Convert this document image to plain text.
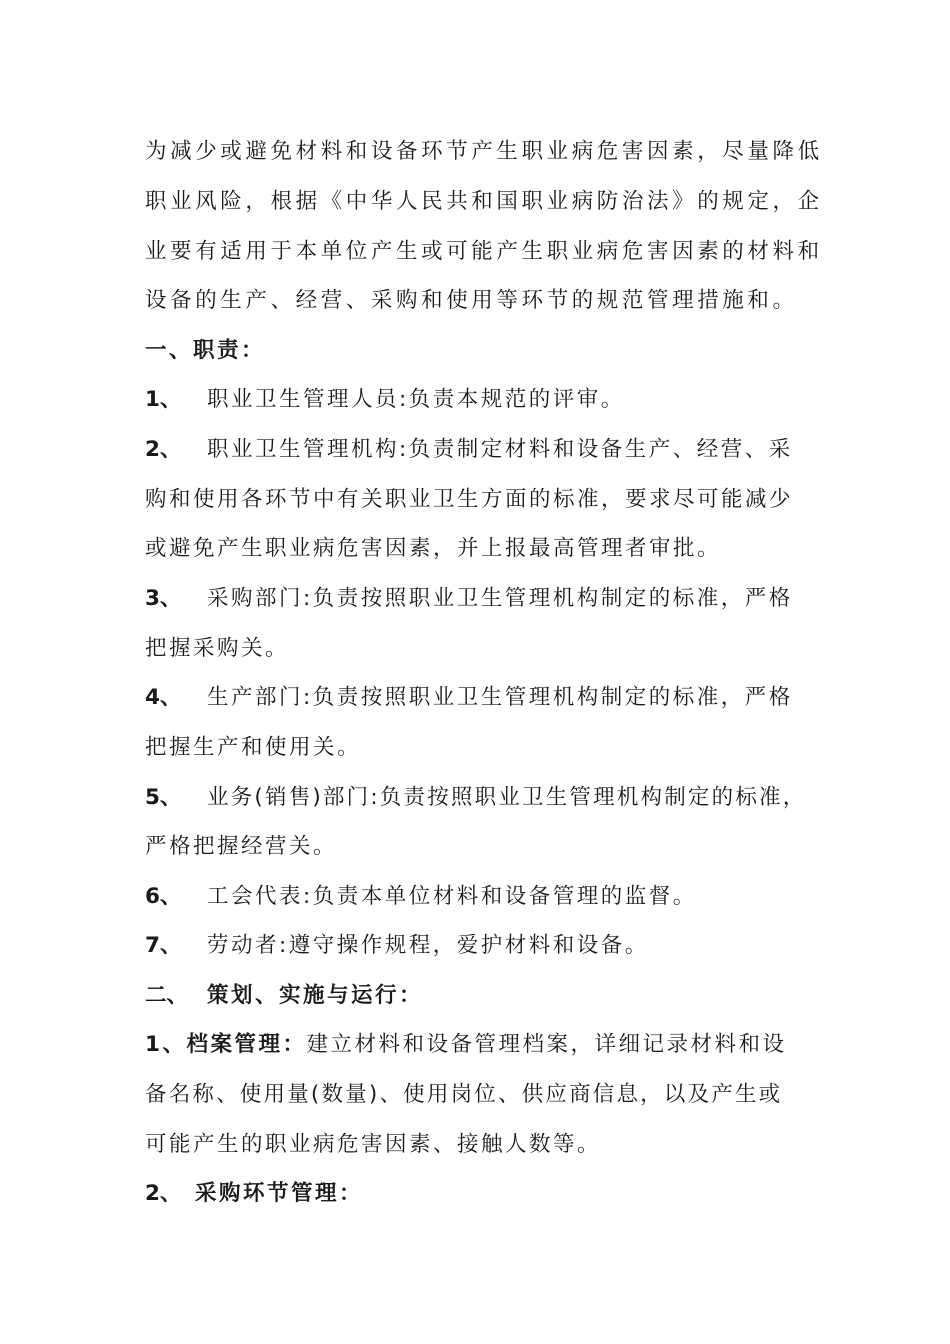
为减少或避免材料和设备环节产生职业病危害因素，尽量降低
职业风险，根据《中华人民共和国职业病防治法》的规定，企
业要有适用于本单位产生或可能产生职业病危害因素的材料和
设备的生产、经营、采购和使用等环节的规范管理措施和。
一、职责：
1、 职业卫生管理人员:负责本规范的评审。
2、 职业卫生管理机构:负责制定材料和设备生产、经营、采
购和使用各环节中有关职业卫生方面的标准，要求尽可能减少
或避免产生职业病危害因素，并上报最高管理者审批。
3、 采购部门:负责按照职业卫生管理机构制定的标准，严格
把握采购关。
4、 生产部门:负责按照职业卫生管理机构制定的标准，严格
把握生产和使用关。
5、 业务(销售)部门:负责按照职业卫生管理机构制定的标准，
严格把握经营关。
6、 工会代表:负责本单位材料和设备管理的监督。
7、 劳动者:遵守操作规程，爱护材料和设备。
二、 策划、实施与运行：
1、档案管理：建立材料和设备管理档案，详细记录材料和设
备名称、使用量(数量)、使用岗位、供应商信息，以及产生或
可能产生的职业病危害因素、接触人数等。
2、 采购环节管理：
